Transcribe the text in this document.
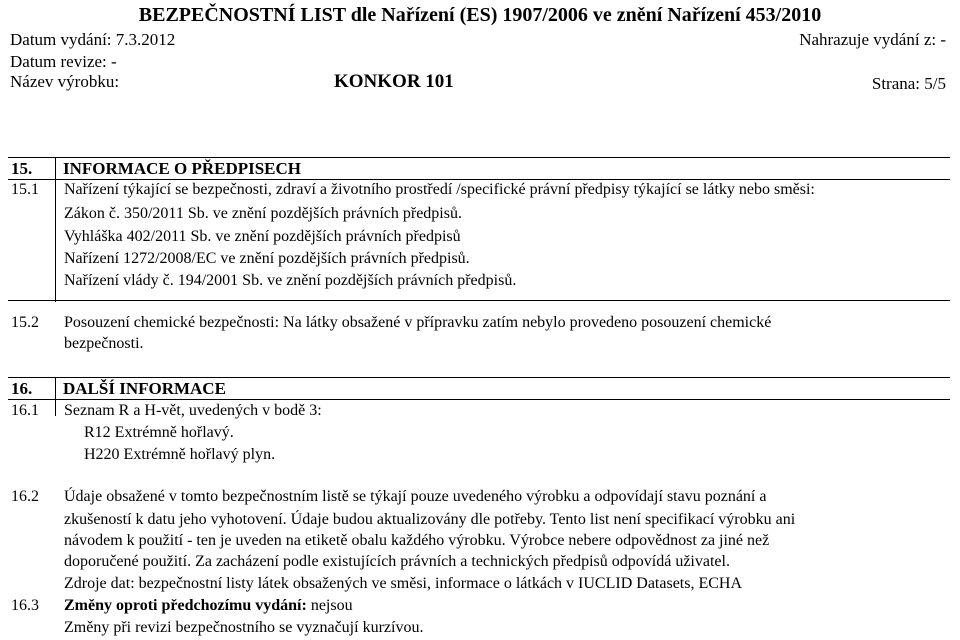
BEZPEČNOSTNÍ LIST dle Nařízení (ES) 1907/2006 ve znění Nařízení 453/2010
Datum vydání: 7.3.2012	Nahrazuje vydání z: -
Datum revize: -
Název výrobku:	KONKOR 101	Strana: 5/5
15. INFORMACE O PŘEDPISECH
15.1 Nařízení týkající se bezpečnosti, zdraví a životního prostředí /specifické právní předpisy týkající se látky nebo směsi:
Zákon č. 350/2011 Sb. ve znění pozdějších právních předpisů.
Vyhláška 402/2011 Sb. ve znění pozdějších právních předpisů
Nařízení 1272/2008/EC ve znění pozdějších právních předpisů.
Nařízení vlády č. 194/2001 Sb. ve znění pozdějších právních předpisů.
15.2 Posouzení chemické bezpečnosti: Na látky obsažené v přípravku zatím nebylo provedeno posouzení chemické
bezpečnosti.
16. DALŠÍ INFORMACE
16.1 Seznam R a H-vět, uvedených v bodě 3:
R12 Extrémně hořlavý.
H220 Extrémně hořlavý plyn.
16.2 Údaje obsažené v tomto bezpečnostním listě se týkají pouze uvedeného výrobku a odpovídají stavu poznání a
zkušeností k datu jeho vyhotovení. Údaje budou aktualizovány dle potřeby. Tento list není specifikací výrobku ani
návodem k použití - ten je uveden na etiketě obalu každého výrobku. Výrobce nebere odpovědnost za jiné než
doporučené použití. Za zacházení podle existujících právních a technických předpisů odpovídá uživatel.
Zdroje dat: bezpečnostní listy látek obsažených ve směsi, informace o látkách v IUCLID Datasets, ECHA
16.3 Změny oproti předchozímu vydání: nejsou
Změny při revizi bezpečnostního se vyznačují kurzívou.
